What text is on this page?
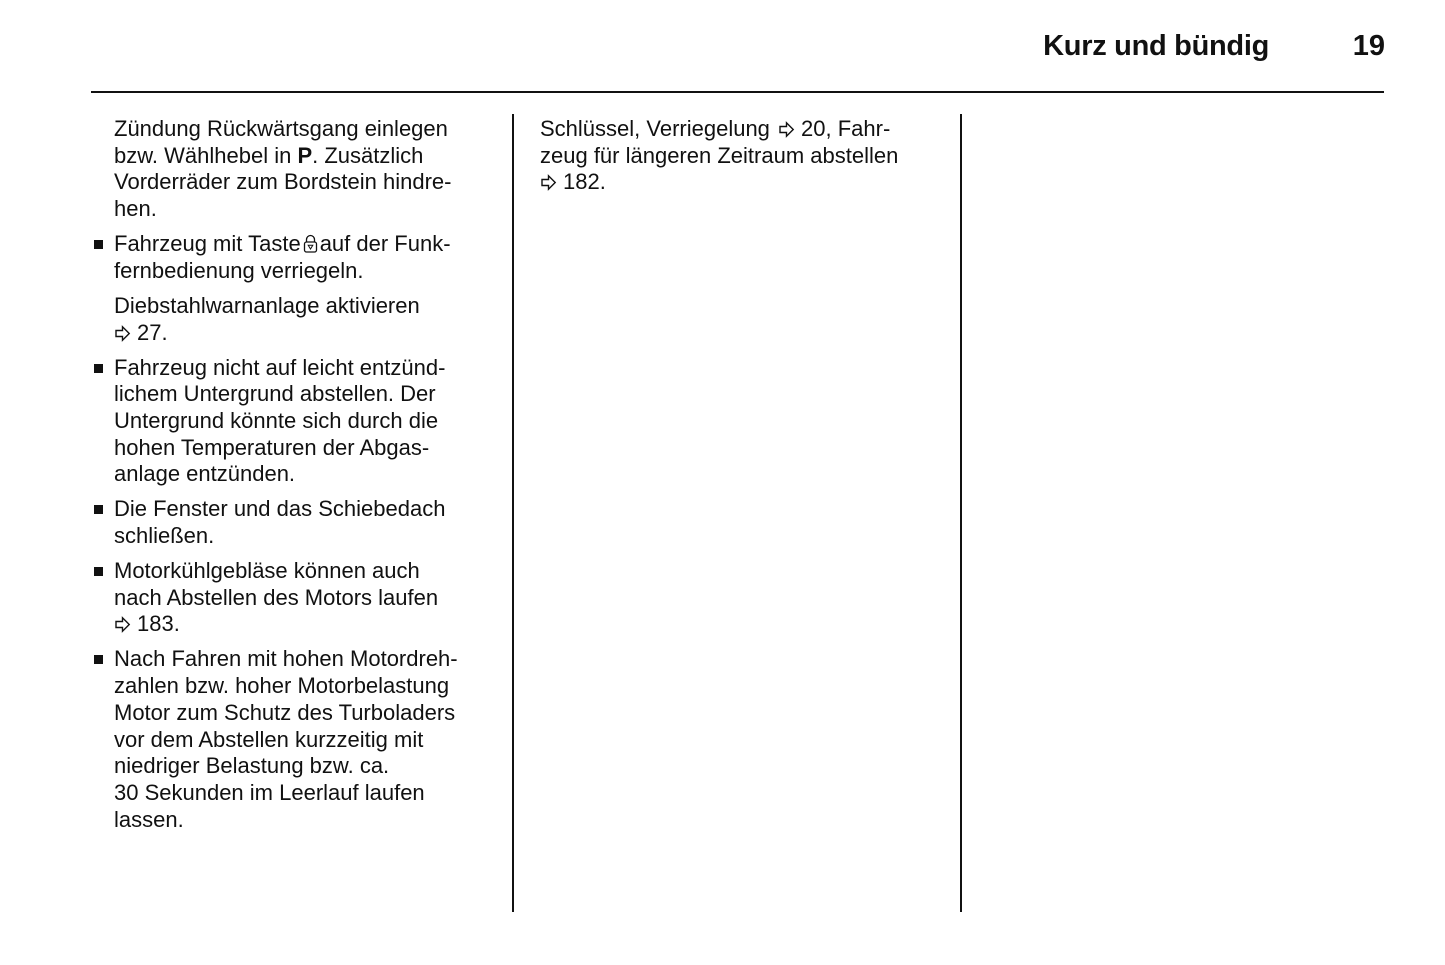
Kurz und bündig	19
Zündung Rückwärtsgang einlegen
bzw. Wählhebel in P. Zusätzlich
Vorderräder zum Bordstein hindre-
hen.
Fahrzeug mit Taste auf der Funk-
fernbedienung verriegeln.
Diebstahlwarnanlage aktivieren
27.
Fahrzeug nicht auf leicht entzünd-
lichem Untergrund abstellen. Der
Untergrund könnte sich durch die
hohen Temperaturen der Abgas-
anlage entzünden.
Die Fenster und das Schiebedach
schließen.
Motorkühlgebläse können auch
nach Abstellen des Motors laufen
183.
Nach Fahren mit hohen Motordreh-
zahlen bzw. hoher Motorbelastung
Motor zum Schutz des Turboladers
vor dem Abstellen kurzzeitig mit
niedriger Belastung bzw. ca.
30 Sekunden im Leerlauf laufen
lassen.
Schlüssel, Verriegelung 20, Fahr-
zeug für längeren Zeitraum abstellen
182.
